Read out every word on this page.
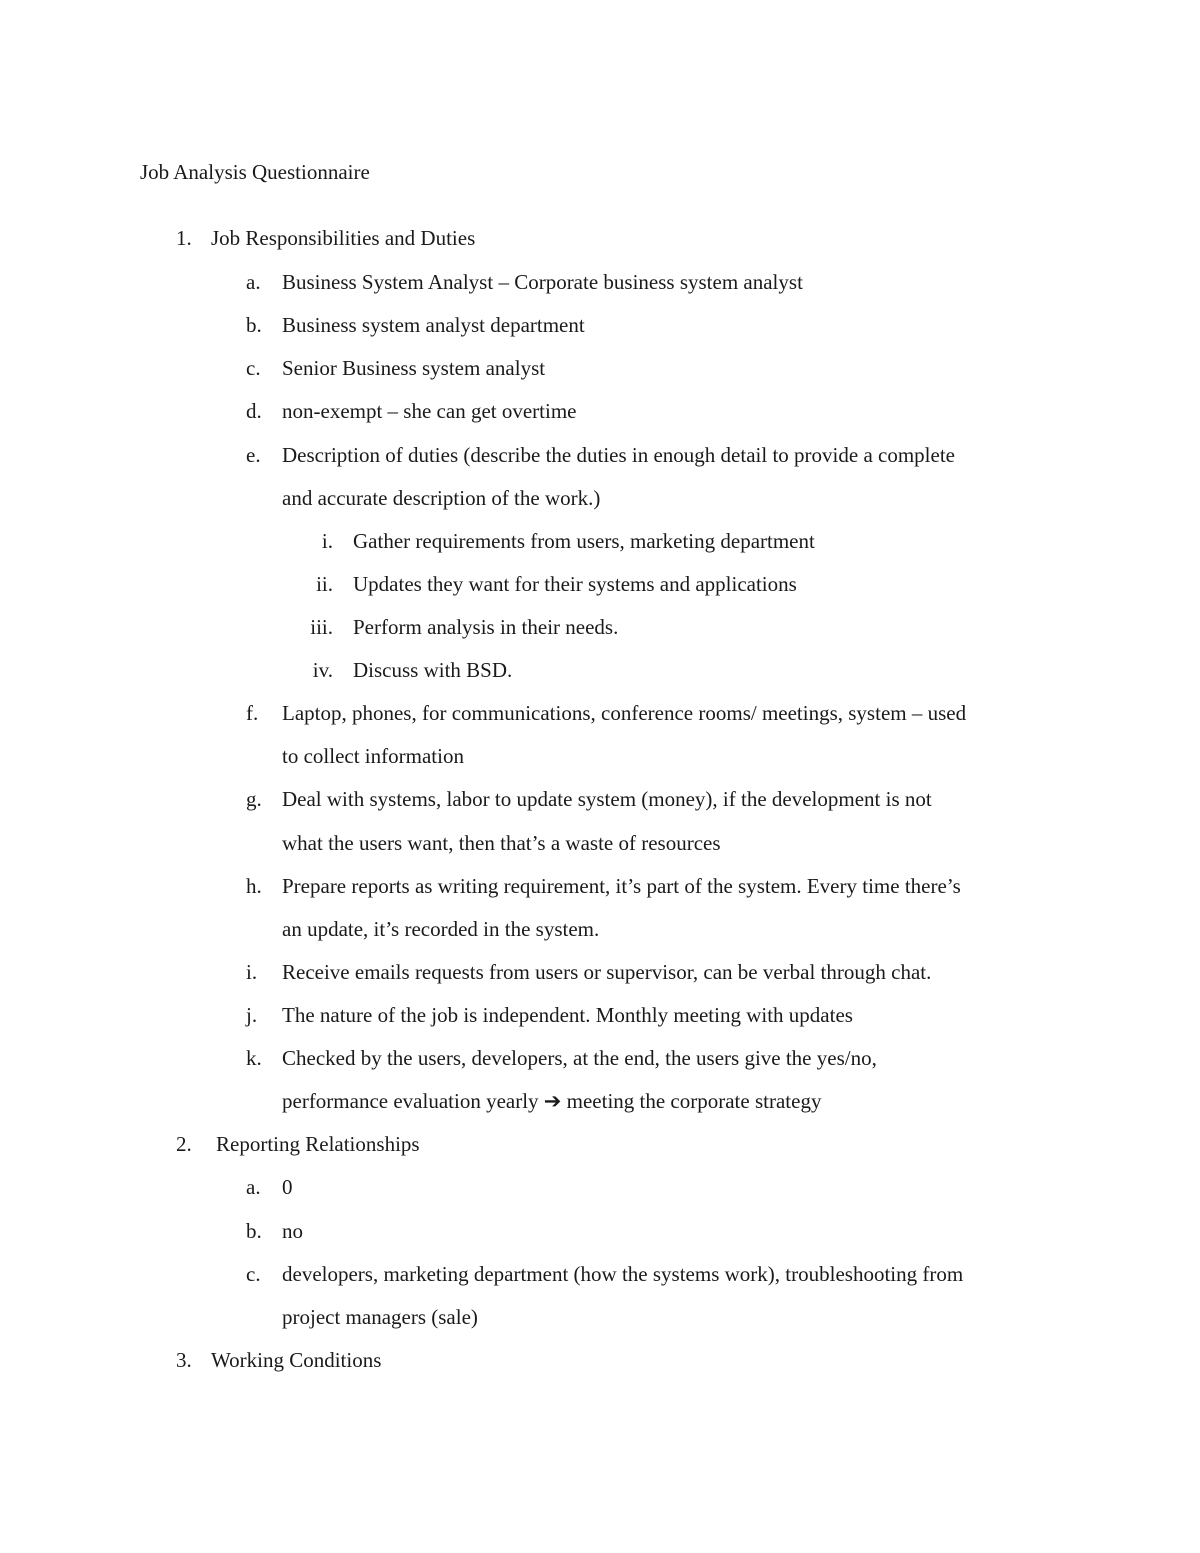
Job Analysis Questionnaire
1. Job Responsibilities and Duties
a. Business System Analyst – Corporate business system analyst
b. Business system analyst department
c. Senior Business system analyst
d. non-exempt – she can get overtime
e. Description of duties (describe the duties in enough detail to provide a complete
and accurate description of the work.)
i. Gather requirements from users, marketing department
ii. Updates they want for their systems and applications
iii. Perform analysis in their needs.
iv. Discuss with BSD.
f. Laptop, phones, for communications, conference rooms/ meetings, system – used
to collect information
g. Deal with systems, labor to update system (money), if the development is not
what the users want, then that’s a waste of resources
h. Prepare reports as writing requirement, it’s part of the system. Every time there’s
an update, it’s recorded in the system.
i. Receive emails requests from users or supervisor, can be verbal through chat.
j. The nature of the job is independent. Monthly meeting with updates
k. Checked by the users, developers, at the end, the users give the yes/no,
performance evaluation yearly ➔ meeting the corporate strategy
2. Reporting Relationships
a. 0
b. no
c. developers, marketing department (how the systems work), troubleshooting from
project managers (sale)
3. Working Conditions
